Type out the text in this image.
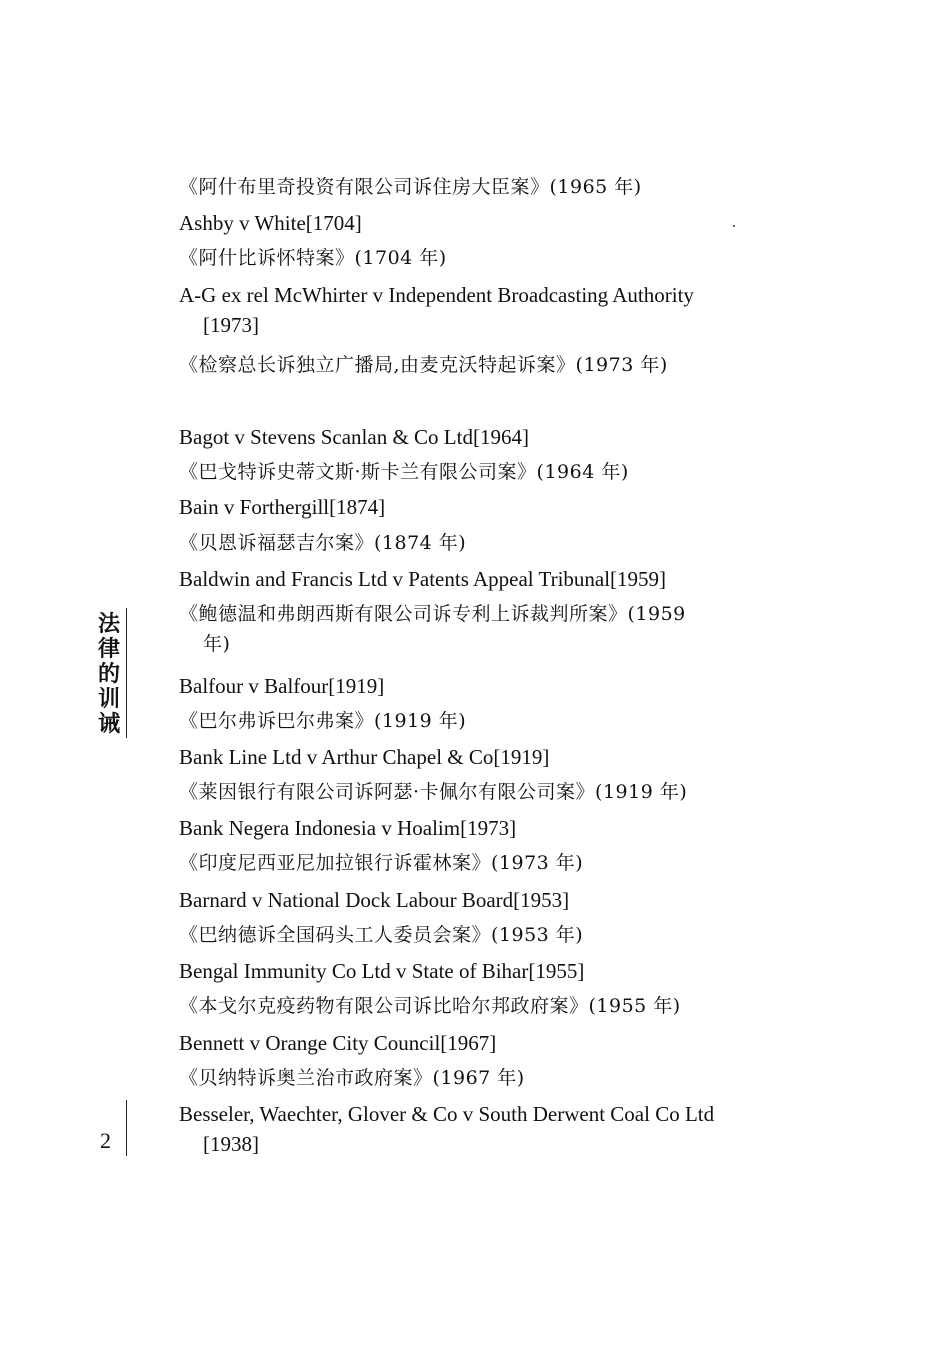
法
律
的
训
诫
2
《阿什布里奇投资有限公司诉住房大臣案》(1965 年)
Ashby v White[1704]
《阿什比诉怀特案》(1704 年)
A-G ex rel McWhirter v Independent Broadcasting Authority
[1973]
《检察总长诉独立广播局,由麦克沃特起诉案》(1973 年)
Bagot v Stevens Scanlan & Co Ltd[1964]
《巴戈特诉史蒂文斯·斯卡兰有限公司案》(1964 年)
Bain v Forthergill[1874]
《贝恩诉福瑟吉尔案》(1874 年)
Baldwin and Francis Ltd v Patents Appeal Tribunal[1959]
《鲍德温和弗朗西斯有限公司诉专利上诉裁判所案》(1959
年)
Balfour v Balfour[1919]
《巴尔弗诉巴尔弗案》(1919 年)
Bank Line Ltd v Arthur Chapel & Co[1919]
《莱因银行有限公司诉阿瑟·卡佩尔有限公司案》(1919 年)
Bank Negera Indonesia v Hoalim[1973]
《印度尼西亚尼加拉银行诉霍林案》(1973 年)
Barnard v National Dock Labour Board[1953]
《巴纳德诉全国码头工人委员会案》(1953 年)
Bengal Immunity Co Ltd v State of Bihar[1955]
《本戈尔克疫药物有限公司诉比哈尔邦政府案》(1955 年)
Bennett v Orange City Council[1967]
《贝纳特诉奥兰治市政府案》(1967 年)
Besseler, Waechter, Glover & Co v South Derwent Coal Co Ltd
[1938]
